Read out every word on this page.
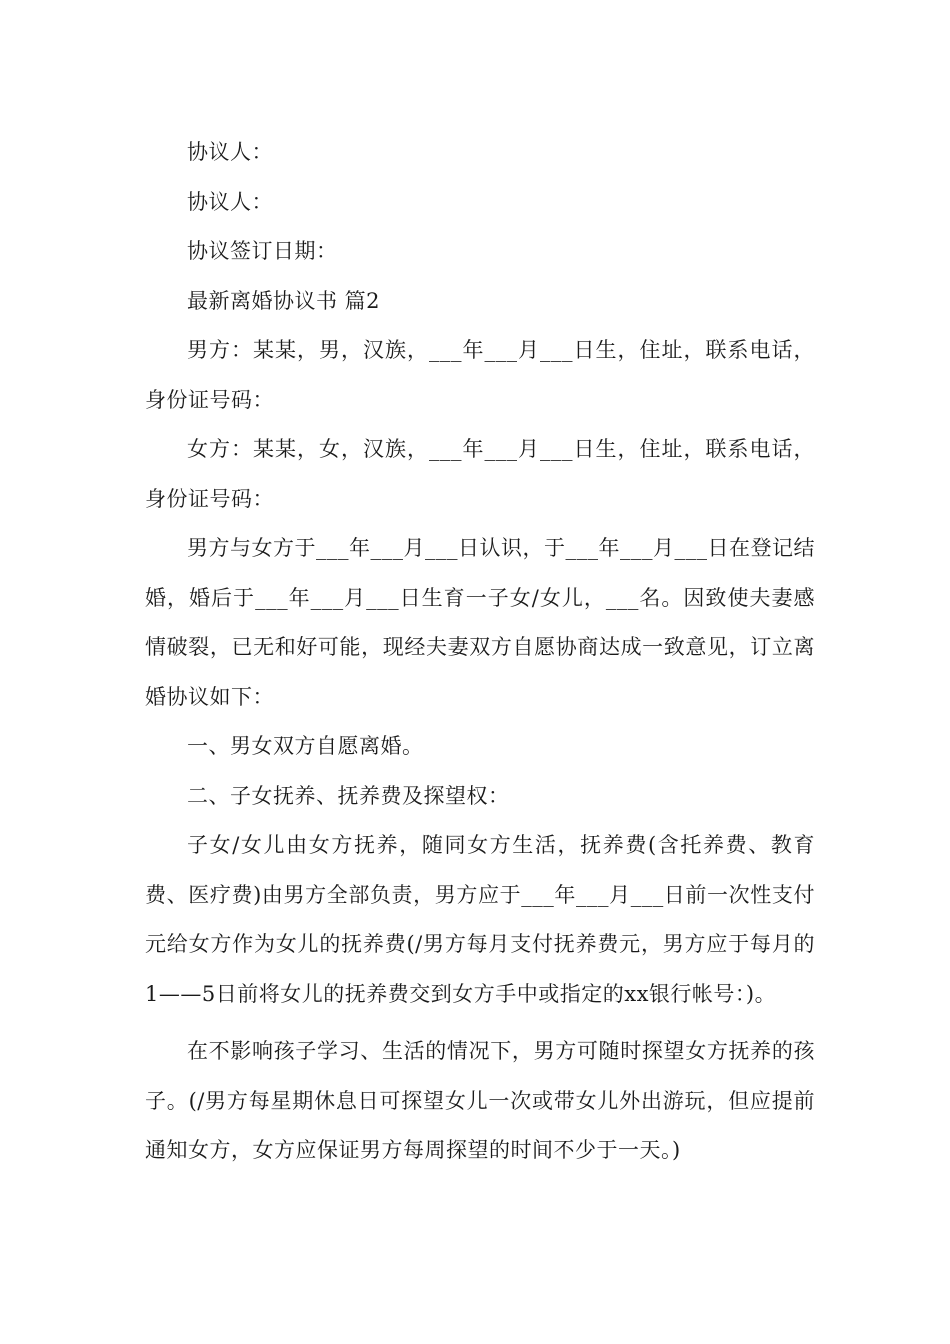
协议人：

协议人：

协议签订日期：

最新离婚协议书 篇2

男方：某某，男，汉族，___年___月___日生，住址，联系电话，身份证号码：

女方：某某，女，汉族，___年___月___日生，住址，联系电话，身份证号码：

男方与女方于___年___月___日认识，于___年___月___日在登记结婚，婚后于___年___月___日生育一子女/女儿，___名。因致使夫妻感情破裂，已无和好可能，现经夫妻双方自愿协商达成一致意见，订立离婚协议如下：

一、男女双方自愿离婚。

二、子女抚养、抚养费及探望权：

子女/女儿由女方抚养，随同女方生活，抚养费(含托养费、教育费、医疗费)由男方全部负责，男方应于___年___月___日前一次性支付元给女方作为女儿的抚养费(/男方每月支付抚养费元，男方应于每月的1——5日前将女儿的抚养费交到女方手中或指定的xx银行帐号：)。

在不影响孩子学习、生活的情况下，男方可随时探望女方抚养的孩子。(/男方每星期休息日可探望女儿一次或带女儿外出游玩，但应提前通知女方，女方应保证男方每周探望的时间不少于一天。)
